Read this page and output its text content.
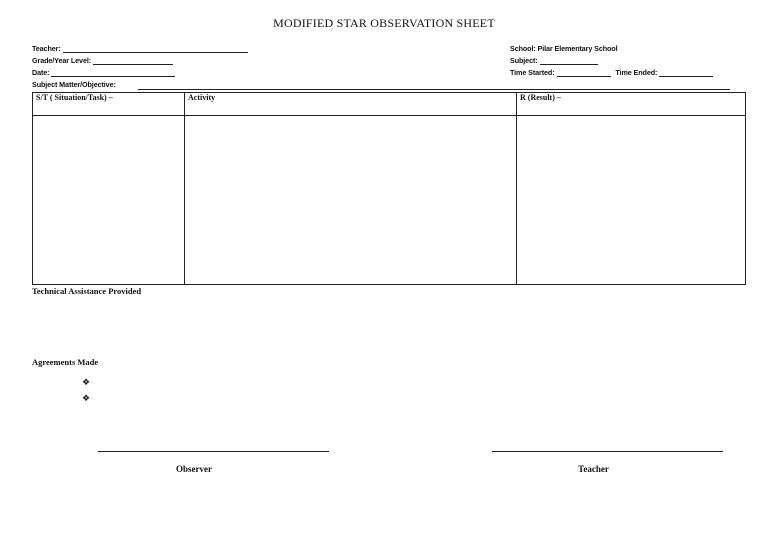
MODIFIED STAR OBSERVATION SHEET
Teacher:
Grade/Year Level:
Date:
Subject Matter/Objective:
School: Pilar Elementary School
Subject:
Time Started:	Time Ended:
S/T ( Situation/Task) –	Activity	R (Result) –

Technical Assistance Provided
Agreements Made
❖
❖
Observer	Teacher
